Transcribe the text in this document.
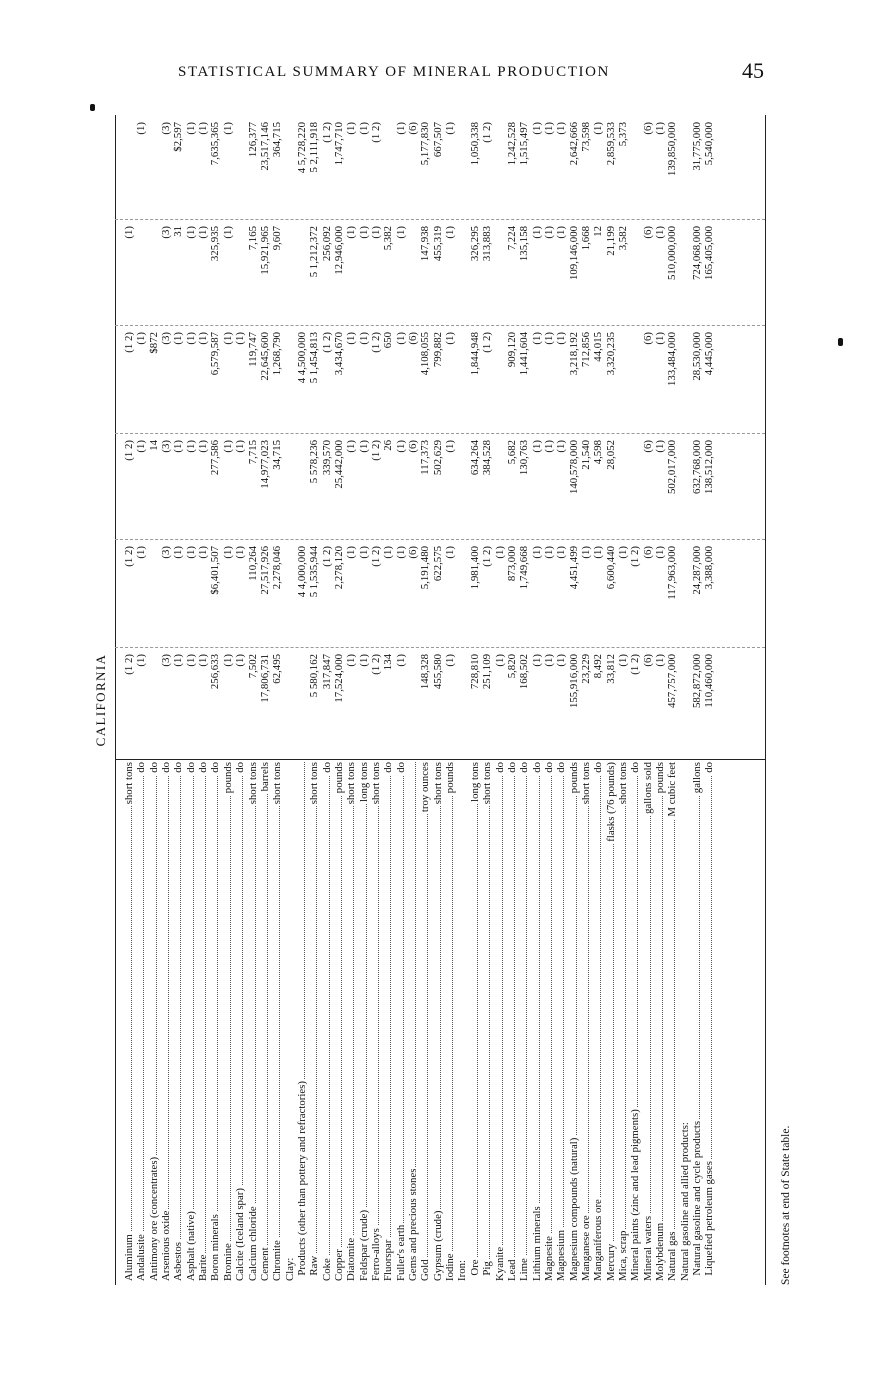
STATISTICAL SUMMARY OF MINERAL PRODUCTION	45
CALIFORNIA
Aluminum
short tons
(1 2)
(1 2)
(1 2)
(1 2)
(1)
Andalusite
do
(1)
(1)
(1)
(1)
(1)
Antimony ore (concentrates)
do
14
$872
Arsenious oxide
do
(3)
(3)
(3)
(3)
(3)
(3)
Asbestos
do
(1)
(1)
(1)
(1)
31
$2,597
Asphalt (native)
do
(1)
(1)
(1)
(1)
(1)
(1)
Barite
do
(1)
(1)
(1)
(1)
(1)
(1)
Boron minerals
do
256,633
$6,401,507
277,586
6,579,587
325,935
7,635,365
Bromine
pounds
(1)
(1)
(1)
(1)
(1)
(1)
Calcite (Iceland spar)
do
(1)
(1)
(1)
(1)
Calcium chloride
short tons
7,502
110,264
7,715
119,747
7,165
126,377
Cement
barrels
17,806,731
27,517,926
14,977,023
22,645,600
15,921,965
23,517,146
Chromite
short tons
62,495
2,278,046
34,715
1,268,790
9,607
364,715
Clay: Products (other than pottery and refractories)
4 4,000,000
4 4,500,000
4 5,728,220
Raw
short tons
5 580,162
5 1,535,944
5 578,236
5 1,454,813
5 1,212,372
5 2,111,918
Coke
do
317,847
(1 2)
339,570
(1 2)
256,092
(1 2)
Copper
pounds
17,524,000
2,278,120
25,442,000
3,434,670
12,946,000
1,747,710
Diatomite
short tons
(1)
(1)
(1)
(1)
(1)
(1)
Feldspar (crude)
long tons
(1)
(1)
(1)
(1)
(1)
(1)
Ferro-alloys
short tons
(1 2)
(1 2)
(1 2)
(1 2)
(1)
(1 2)
Fluorspar
do
134
(1)
26
650
5,382
Fuller's earth
do
(1)
(1)
(1)
(1)
(1)
(1)
Gems and precious stones
(6)
(6)
(6)
(6)
Gold
troy ounces
148,328
5,191,480
117,373
4,108,055
147,938
5,177,830
Gypsum (crude)
short tons
455,580
622,575
502,629
799,882
455,319
667,507
Iodine
pounds
(1)
(1)
(1)
(1)
(1)
(1)
Iron: Ore
long tons
728,810
1,981,400
634,264
1,844,948
326,295
1,050,338
Pig
short tons
251,109
(1 2)
384,528
(1 2)
313,883
(1 2)
Kyanite
do
(1)
(1)
Lead
do
5,820
873,000
5,682
909,120
7,224
1,242,528
Lime
do
168,502
1,749,668
130,763
1,441,604
135,158
1,515,497
Lithium minerals
do
(1)
(1)
(1)
(1)
(1)
(1)
Magnesite
do
(1)
(1)
(1)
(1)
(1)
(1)
Magnesium
do
(1)
(1)
(1)
(1)
(1)
(1)
Magnesium compounds (natural)
pounds
155,916,000
4,451,499
140,578,000
3,218,192
109,146,000
2,642,666
Manganese ore
short tons
23,229
(1)
21,540
712,856
1,668
73,598
Manganiferous ore
do
8,492
(1)
4,598
44,015
12
(1)
Mercury
flasks (76 pounds)
33,812
6,600,440
28,052
3,320,235
21,199
2,859,533
Mica, scrap
short tons
(1)
(1)
3,582
5,373
Mineral paints (zinc and lead pigments)
do
(1 2)
(1 2)
Mineral waters
gallons sold
(6)
(6)
(6)
(6)
(6)
(6)
Molybdenum
pounds
(1)
(1)
(1)
(1)
(1)
(1)
Natural gas
M cubic feet
457,757,000
117,963,000
502,017,000
133,484,000
510,000,000
139,850,000
Natural gasoline and allied products: Natural gasoline and cycle products
gallons
582,872,000
24,287,000
632,768,000
28,530,000
724,068,000
31,775,000
Liquefied petroleum gases
do
110,460,000
3,388,000
138,512,000
4,445,000
165,405,000
5,540,000
See footnotes at end of State table.
